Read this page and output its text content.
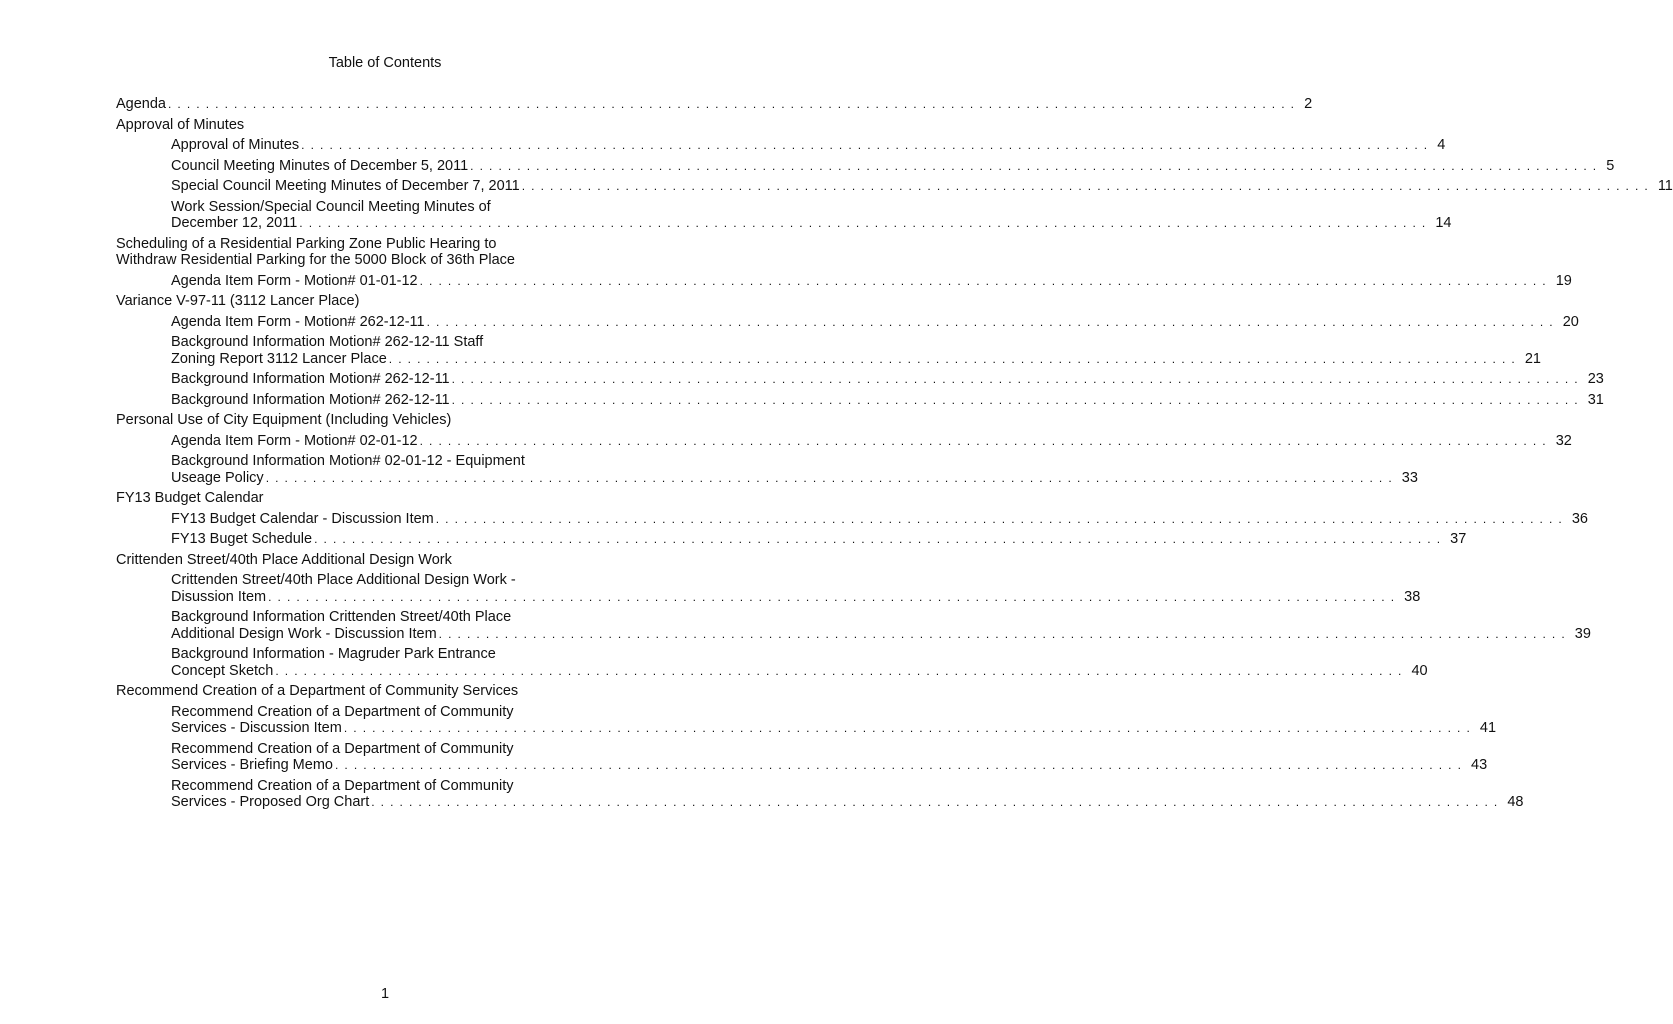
Table of Contents
Agenda ........................................................................................................................ 2
Approval of Minutes
Approval of Minutes ........................................................................................................................ 4
Council Meeting Minutes of December 5, 2011 ........................................................................................................................ 5
Special Council Meeting Minutes of December 7, 2011 ........................................................................................................................ 11
Work Session/Special Council Meeting Minutes of
December 12, 2011 ........................................................................................................................ 14
Scheduling of a Residential Parking Zone Public Hearing to
Withdraw Residential Parking for the 5000 Block of 36th Place
Agenda Item Form - Motion# 01-01-12 ........................................................................................................................ 19
Variance V-97-11 (3112 Lancer Place)
Agenda Item Form - Motion# 262-12-11 ........................................................................................................................ 20
Background Information Motion# 262-12-11 Staff
Zoning Report 3112 Lancer Place ........................................................................................................................ 21
Background Information Motion# 262-12-11 ........................................................................................................................ 23
Background Information Motion# 262-12-11 ........................................................................................................................ 31
Personal Use of City Equipment (Including Vehicles)
Agenda Item Form - Motion# 02-01-12 ........................................................................................................................ 32
Background Information Motion# 02-01-12 - Equipment
Useage Policy ........................................................................................................................ 33
FY13 Budget Calendar
FY13 Budget Calendar - Discussion Item ........................................................................................................................ 36
FY13 Buget Schedule ........................................................................................................................ 37
Crittenden Street/40th Place Additional Design Work
Crittenden Street/40th Place Additional Design Work -
Disussion Item ........................................................................................................................ 38
Background Information Crittenden Street/40th Place
Additional Design Work - Discussion Item ........................................................................................................................ 39
Background Information - Magruder Park Entrance
Concept Sketch ........................................................................................................................ 40
Recommend Creation of a Department of Community Services
Recommend Creation of a Department of Community
Services - Discussion Item ........................................................................................................................ 41
Recommend Creation of a Department of Community
Services - Briefing Memo ........................................................................................................................ 43
Recommend Creation of a Department of Community
Services - Proposed Org Chart ........................................................................................................................ 48
1
